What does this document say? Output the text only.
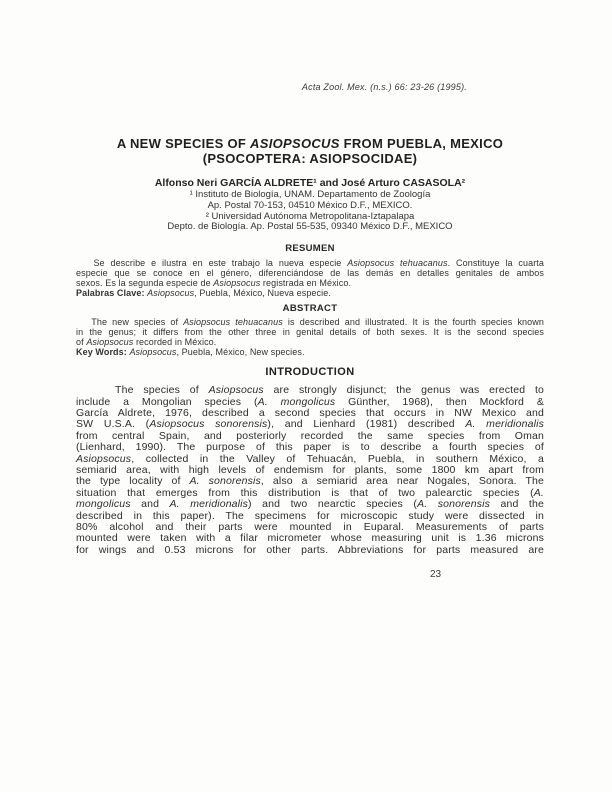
Acta Zool. Mex. (n.s.) 66: 23-26 (1995).
A NEW SPECIES OF ASIOPSOCUS FROM PUEBLA, MEXICO
(PSOCOPTERA: ASIOPSOCIDAE)
Alfonso Neri GARCÍA ALDRETE¹ and José Arturo CASASOLA²
¹ Instituto de Biología, UNAM. Departamento de Zoología
Ap. Postal 70-153, 04510 México D.F., MEXICO.
² Universidad Autónoma Metropolitana-Iztapalapa
Depto. de Biología. Ap. Postal 55-535, 09340 México D.F., MEXICO
RESUMEN
Se describe e ilustra en este trabajo la nueva especie Asiopsocus tehuacanus. Constituye la cuarta
especie que se conoce en el género, diferenciándose de las demás en detalles genitales de ambos
sexos. Es la segunda especie de Asiopsocus registrada en México.
Palabras Clave: Asiopsocus, Puebla, México, Nueva especie.
ABSTRACT
The new species of Asiopsocus tehuacanus is described and illustrated. It is the fourth species known
in the genus; it differs from the other three in genital details of both sexes. It is the second species
of Asiopsocus recorded in México.
Key Words: Asiopsocus, Puebla, México, New species.
INTRODUCTION
The species of Asiopsocus are strongly disjunct; the genus was erected to
include a Mongolian species (A. mongolicus Günther, 1968), then Mockford &
García Aldrete, 1976, described a second species that occurs in NW Mexico and
SW U.S.A. (Asiopsocus sonorensis), and Lienhard (1981) described A. meridionalis
from central Spain, and posteriorly recorded the same species from Oman
(Lienhard, 1990). The purpose of this paper is to describe a fourth species of
Asiopsocus, collected in the Valley of Tehuacán, Puebla, in southern México, a
semiarid area, with high levels of endemism for plants, some 1800 km apart from
the type locality of A. sonorensis, also a semiarid area near Nogales, Sonora. The
situation that emerges from this distribution is that of two palearctic species (A.
mongolicus and A. meridionalis) and two nearctic species (A. sonorensis and the
described in this paper). The specimens for microscopic study were dissected in
80% alcohol and their parts were mounted in Euparal. Measurements of parts
mounted were taken with a filar micrometer whose measuring unit is 1.36 microns
for wings and 0.53 microns for other parts. Abbreviations for parts measured are
23
